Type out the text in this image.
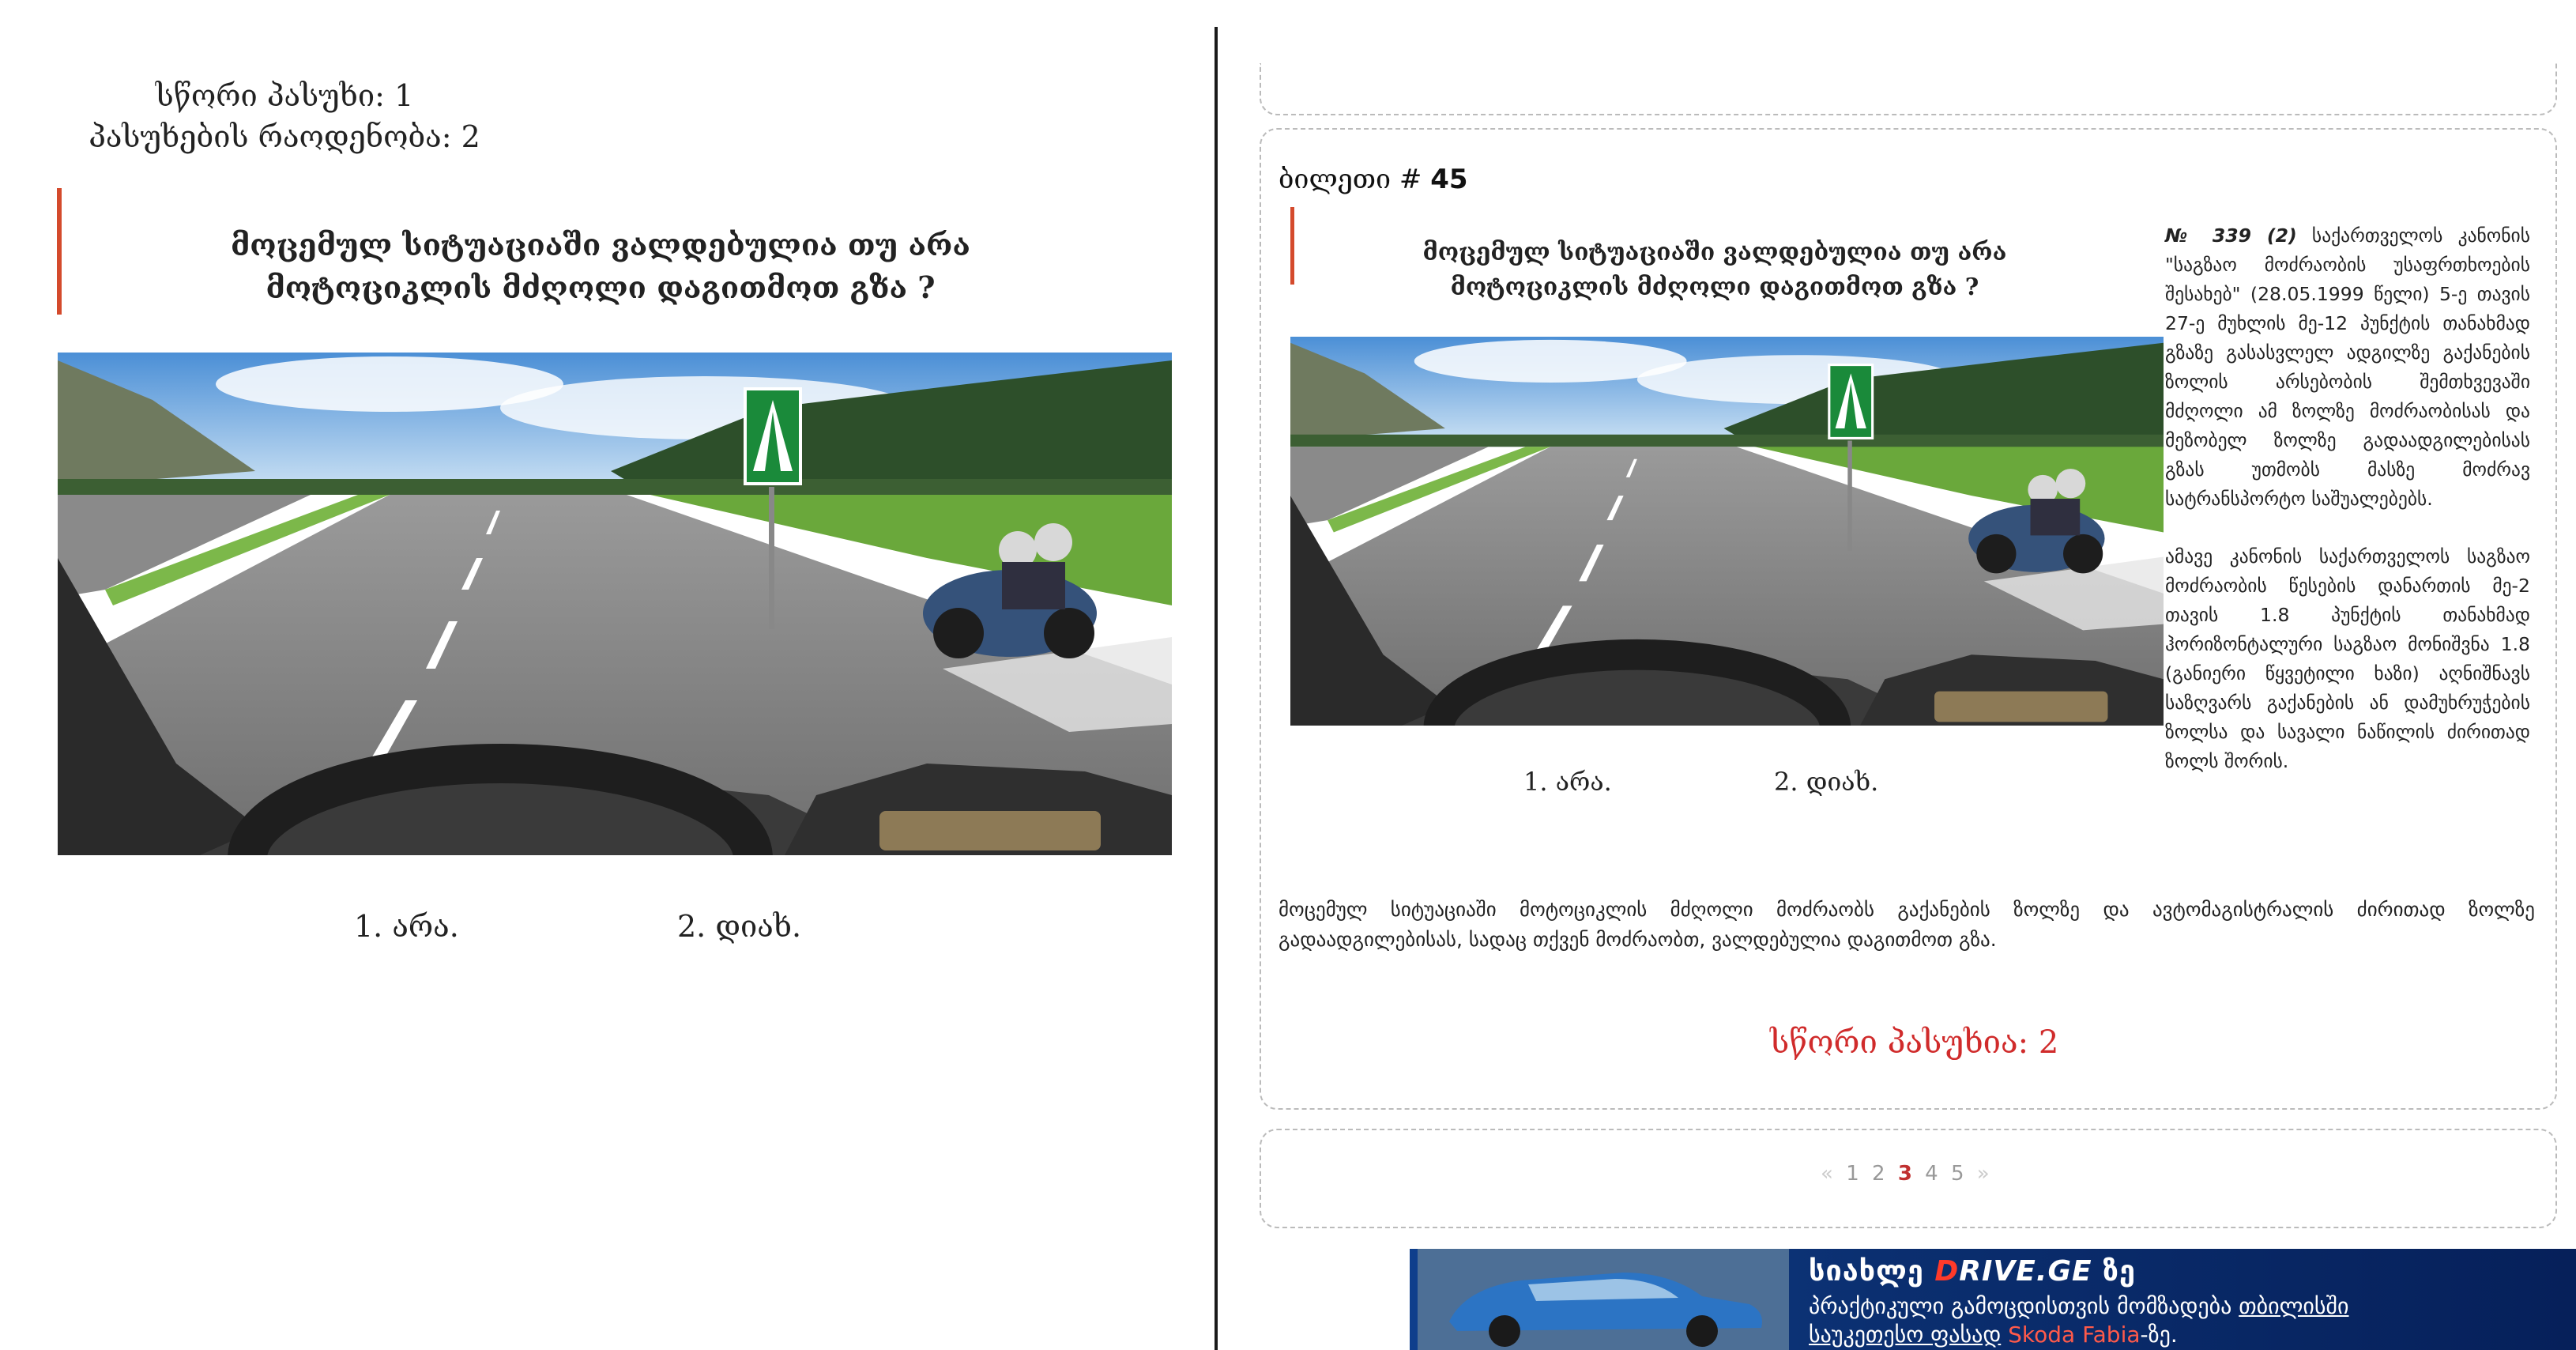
სწორი პასუხი: 1
პასუხების რაოდენობა: 2
მოცემულ სიტუაციაში ვალდებულია თუ არა
მოტოციკლის მძღოლი დაგითმოთ გზა ?
1. არა.	2. დიახ.
ბილეთი # 45
მოცემულ სიტუაციაში ვალდებულია თუ არა
მოტოციკლის მძღოლი დაგითმოთ გზა ?
1. არა.	2. დიახ.

№ 339 (2) საქართველოს კანონის "საგზაო მოძრაობის უსაფრთხოების შესახებ" (28.05.1999 წელი) 5-ე თავის 27-ე მუხლის მე-12 პუნქტის თანახმად გზაზე გასასვლელ ადგილზე გაქანების ზოლის არსებობის შემთხვევაში მძღოლი ამ ზოლზე მოძრაობისას და მეზობელ ზოლზე გადაადგილებისას გზას უთმობს მასზე მოძრავ სატრანსპორტო საშუალებებს.

ამავე კანონის საქართველოს საგზაო მოძრაობის წესების დანართის მე-2 თავის 1.8 პუნქტის თანახმად ჰორიზონტალური საგზაო მონიშვნა 1.8 (განიერი წყვეტილი ხაზი) აღნიშნავს საზღვარს გაქანების ან დამუხრუჭების ზოლსა და სავალი ნაწილის ძირითად ზოლს შორის.

მოცემულ სიტუაციაში მოტოციკლის მძღოლი მოძრაობს გაქანების ზოლზე და ავტომაგისტრალის ძირითად ზოლზე გადაადგილებისას, სადაც თქვენ მოძრაობთ, ვალდებულია დაგითმოთ გზა.
სწორი პასუხია: 2
« 1 2 3 4 5 »
სიახლე DRIVE.GE ზე
პრაქტიკული გამოცდისთვის მომზადება თბილისში
საუკეთესო ფასად Skoda Fabia-ზე.
